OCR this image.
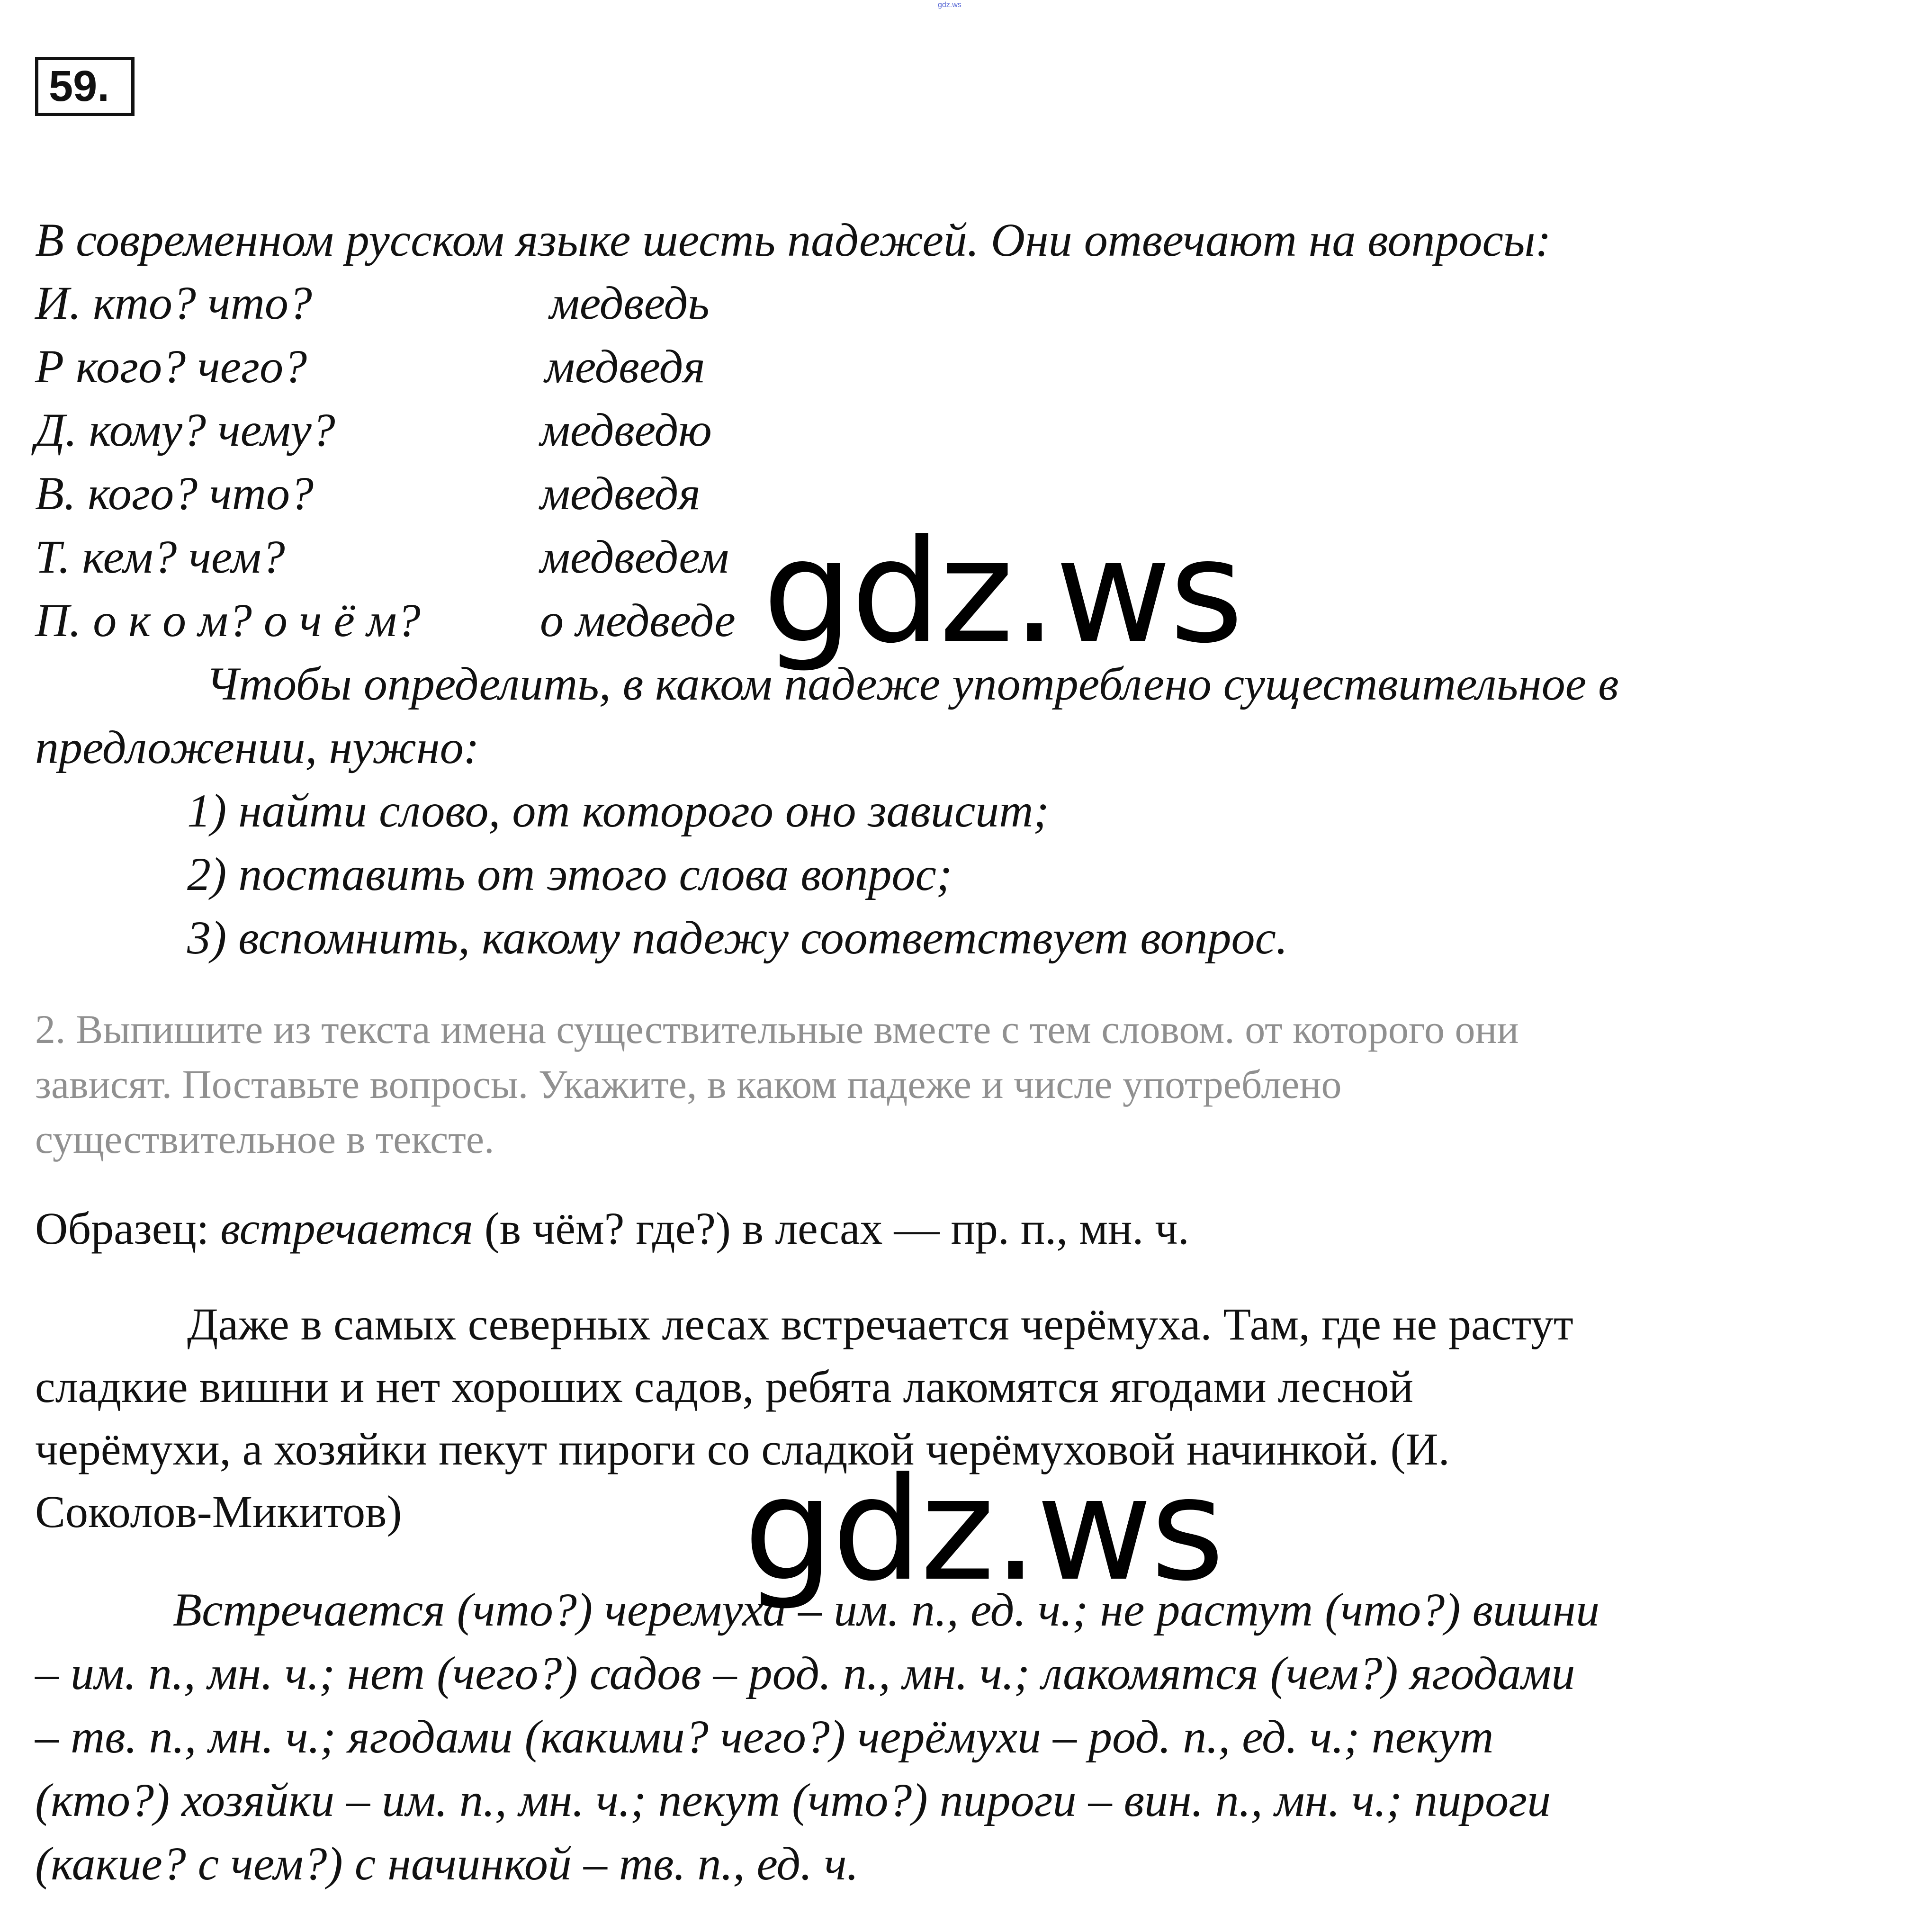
gdz.ws
59.
В современном русском языке шесть падежей. Они отвечают на вопросы:
И. кто? что?	медведь
Р кого? чего?	медведя
Д. кому? чему?	медведю
В. кого? что?	медведя
Т. кем? чем?	медведем
П. о к о м? о ч ё м?	о медведе
Чтобы определить, в каком падеже употреблено существительное в
предложении, нужно:
1) найти слово, от которого оно зависит;
2) поставить от этого слова вопрос;
3) вспомнить, какому падежу соответствует вопрос.
2. Выпишите из текста имена существительные вместе с тем словом. от которого они
зависят. Поставьте вопросы. Укажите, в каком падеже и числе употреблено
существительное в тексте.
Образец: встречается (в чём? где?) в лесах — пр. п., мн. ч.
Даже в самых северных лесах встречается черёмуха. Там, где не растут
сладкие вишни и нет хороших садов, ребята лакомятся ягодами лесной
черёмухи, а хозяйки пекут пироги со сладкой черёмуховой начинкой. (И.
Соколов-Микитов)
Встречается (что?) черемуха – им. п., ед. ч.; не растут (что?) вишни
– им. п., мн. ч.; нет (чего?) садов – род. п., мн. ч.; лакомятся (чем?) ягодами
– тв. п., мн. ч.; ягодами (какими? чего?) черёмухи – род. п., ед. ч.; пекут
(кто?) хозяйки – им. п., мн. ч.; пекут (что?) пироги – вин. п., мн. ч.; пироги
(какие? с чем?) с начинкой – тв. п., ед. ч.
gdz.ws
gdz.ws
